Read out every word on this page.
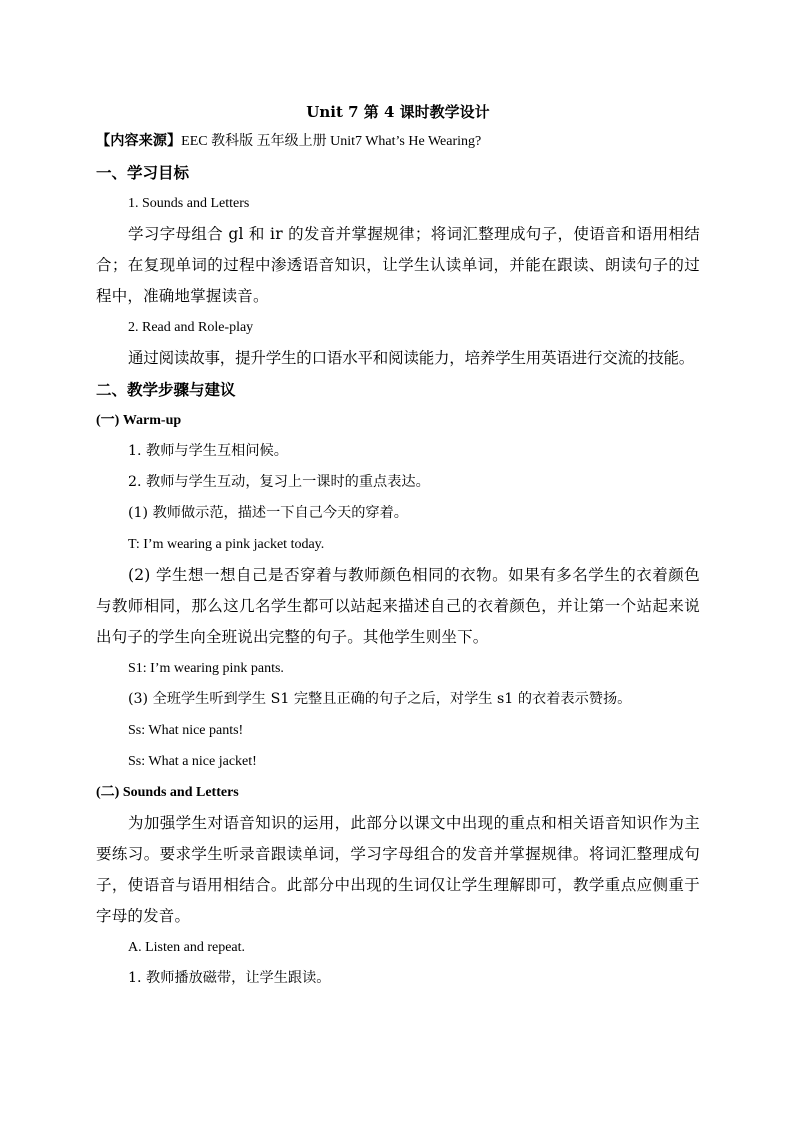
Unit 7 第 4 课时教学设计
【内容来源】EEC 教科版 五年级上册 Unit7 What’s He Wearing?
一、学习目标
1. Sounds and Letters

学习字母组合 gl 和 ir 的发音并掌握规律；将词汇整理成句子，使语音和语用相结合；在复现单词的过程中渗透语音知识，让学生认读单词，并能在跟读、朗读句子的过程中，准确地掌握读音。

2. Read and Role-play

通过阅读故事，提升学生的口语水平和阅读能力，培养学生用英语进行交流的技能。

二、教学步骤与建议
(一) Warm-up
1. 教师与学生互相问候。
2. 教师与学生互动，复习上一课时的重点表达。
(1) 教师做示范，描述一下自己今天的穿着。
T: I’m wearing a pink jacket today.

(2) 学生想一想自己是否穿着与教师颜色相同的衣物。如果有多名学生的衣着颜色与教师相同，那么这几名学生都可以站起来描述自己的衣着颜色，并让第一个站起来说出句子的学生向全班说出完整的句子。其他学生则坐下。

S1: I’m wearing pink pants.
(3) 全班学生听到学生 S1 完整且正确的句子之后，对学生 s1 的衣着表示赞扬。
Ss: What nice pants!
Ss: What a nice jacket!
(二) Sounds and Letters

为加强学生对语音知识的运用，此部分以课文中出现的重点和相关语音知识作为主要练习。要求学生听录音跟读单词，学习字母组合的发音并掌握规律。将词汇整理成句子，使语音与语用相结合。此部分中出现的生词仅让学生理解即可，教学重点应侧重于字母的发音。

A. Listen and repeat.
1. 教师播放磁带，让学生跟读。
